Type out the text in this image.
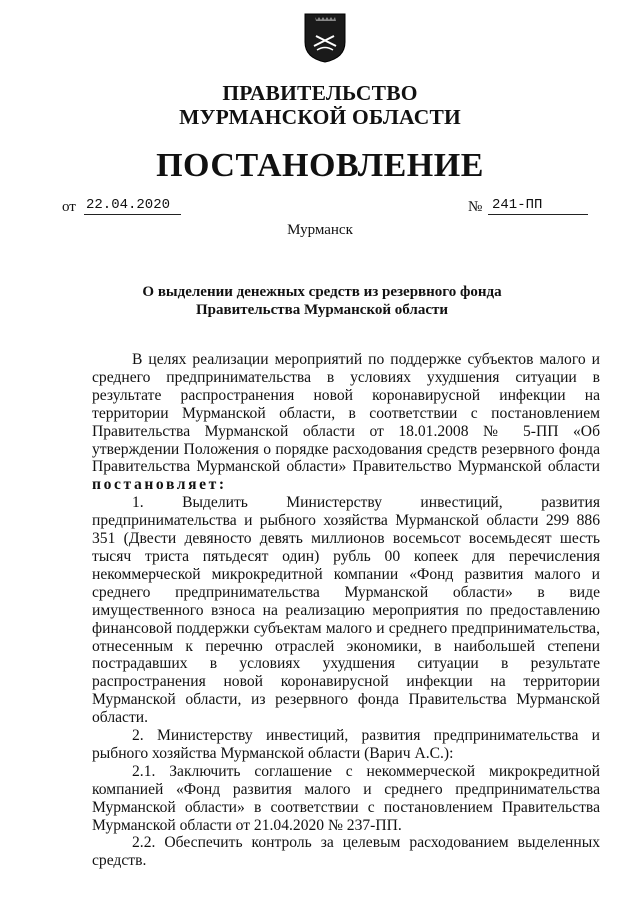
ПРАВИТЕЛЬСТВО
МУРМАНСКОЙ ОБЛАСТИ
ПОСТАНОВЛЕНИЕ
от 22.04.2020	№ 241-ПП
Мурманск
О выделении денежных средств из резервного фонда
Правительства Мурманской области

В целях реализации мероприятий по поддержке субъектов малого и среднего предпринимательства в условиях ухудшения ситуации в результате распространения новой коронавирусной инфекции на территории Мурманской области, в соответствии с постановлением Правительства Мурманской области от 18.01.2008 № 5-ПП «Об утверждении Положения о порядке расходования средств резервного фонда Правительства Мурманской области» Правительство Мурманской области постановляет:

1. Выделить Министерству инвестиций, развития предпринимательства и рыбного хозяйства Мурманской области 299 886 351 (Двести девяносто девять миллионов восемьсот восемьдесят шесть тысяч триста пятьдесят один) рубль 00 копеек для перечисления некоммерческой микрокредитной компании «Фонд развития малого и среднего предпринимательства Мурманской области» в виде имущественного взноса на реализацию мероприятия по предоставлению финансовой поддержки субъектам малого и среднего предпринимательства, отнесенным к перечню отраслей экономики, в наибольшей степени пострадавших в условиях ухудшения ситуации в результате распространения новой коронавирусной инфекции на территории Мурманской области, из резервного фонда Правительства Мурманской области.

2. Министерству инвестиций, развития предпринимательства и рыбного хозяйства Мурманской области (Варич А.С.):

2.1. Заключить соглашение с некоммерческой микрокредитной компанией «Фонд развития малого и среднего предпринимательства Мурманской области» в соответствии с постановлением Правительства Мурманской области от 21.04.2020 № 237-ПП.

2.2. Обеспечить контроль за целевым расходованием выделенных средств.
